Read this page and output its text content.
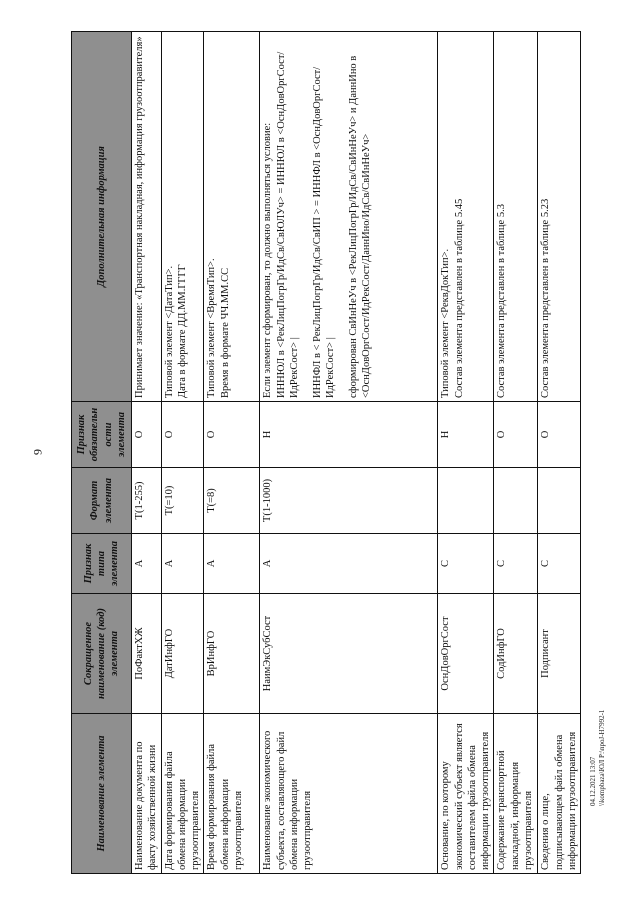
9
Наименование элемента	Сокращенное наименование (код) элемента	Признак типа элемента	Формат элемента	Признак обязательности элемента	Дополнительная информация
Наименование документа по факту хозяйственной жизни	ПоФактХЖ	А	T(1-255)	О	Принимает значение: «Транспортная накладная, информация грузоотправителя»

Дата формирования файла обмена информации грузоотправителя	ДатИнфГО	А	T(=10)	О	Типовой элемент <ДатаТип>. Дата в формате ДД.ММ.ГГГГ

Время формирования файла обмена информации грузоотправителя	ВрИнфГО	А	T(=8)	О	Типовой элемент <ВремяТип>. Время в формате ЧЧ.ММ.СС

Наименование экономического субъекта, составляющего файл обмена информации грузоотправителя	НаимЭкСубСост	А	T(1-1000)	Н	Если элемент сформирован, то должно выполняться условие: ИННЮЛ в <РекЛицПогрГр/ИдСв/СвЮЛУч> = ИННЮЛ в <ОснДовОргСост/ИдРекСост> | ИННФЛ в < РекЛицПогрГр/ИдСв/СвИП > = ИННФЛ в <ОснДовОргСост/ИдРекСост> | сформирован СвИнНеУч в <РекЛицПогрГр/ИдСв/СвИнНеУч> и ДаннИно в <ОснДовОргСост/ИдРекСост/ДаннИно/ИдСв/СвИнНеУч>

Основание, по которому экономический субъект является составителем файла обмена информации грузоотправителя	ОснДовОргСост	С		Н	Типовой элемент <РеквДокТип>. Состав элемента представлен в таблице 5.45

Содержание транспортной накладной, информация грузоотправителя	СодИнфГО	С		О	Состав элемента представлен в таблице 5.3

Сведения о лице, подписывающем файл обмена информации грузоотправителя	Подписант	С		О	Состав элемента представлен в таблице 5.23
04.12.2021 13:07 \\kompbaza\ЮЛ Р:\npoJ-H7992-1
